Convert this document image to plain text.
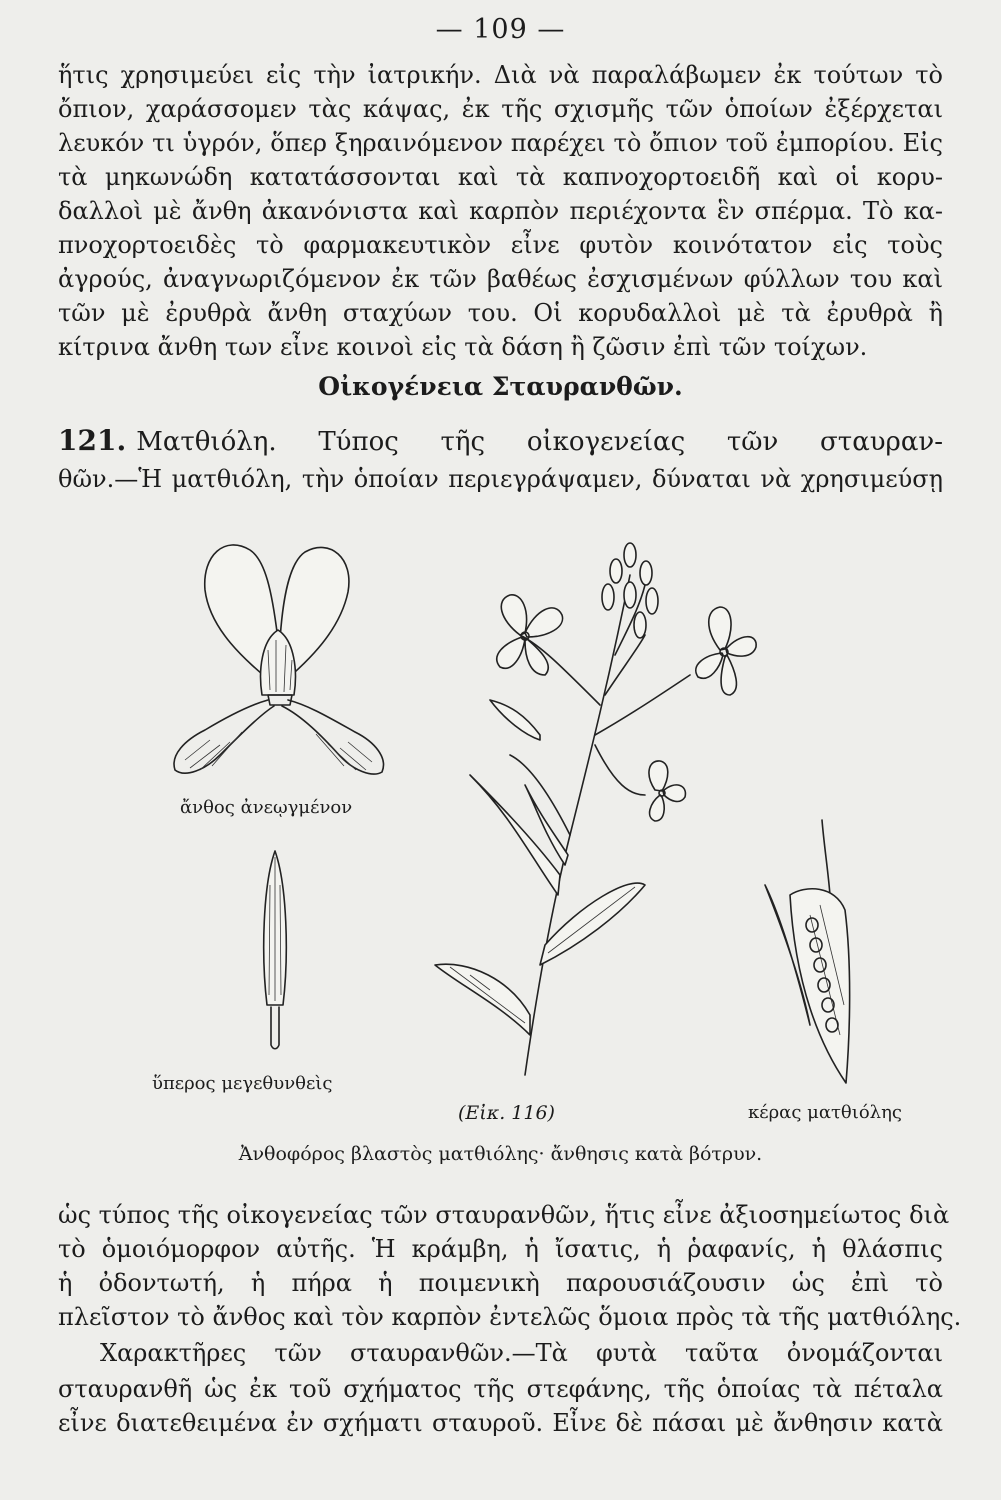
— 109 —
ἥτις χρησιμεύει εἰς τὴν ἰατρικήν. Διὰ νὰ παραλάβωμεν ἐκ τούτων τὸ
ὄπιον, χαράσσομεν τὰς κάψας, ἐκ τῆς σχισμῆς τῶν ὁποίων ἐξέρχεται
λευκόν τι ὑγρόν, ὅπερ ξηραινόμενον παρέχει τὸ ὄπιον τοῦ ἐμπορίου. Εἰς
τὰ μηκωνώδη κατατάσσονται καὶ τὰ καπνοχορτοειδῆ καὶ οἱ κορυ-
δαλλοὶ μὲ ἄνθη ἀκανόνιστα καὶ καρπὸν περιέχοντα ἓν σπέρμα. Τὸ κα-
πνοχορτοειδὲς τὸ φαρμακευτικὸν εἶνε φυτὸν κοινότατον εἰς τοὺς
ἀγρούς, ἀναγνωριζόμενον ἐκ τῶν βαθέως ἐσχισμένων φύλλων του καὶ
τῶν μὲ ἐρυθρὰ ἄνθη σταχύων του. Οἱ κορυδαλλοὶ μὲ τὰ ἐρυθρὰ ἢ
κίτρινα ἄνθη των εἶνε κοινοὶ εἰς τὰ δάση ἢ ζῶσιν ἐπὶ τῶν τοίχων.
Οἰκογένεια Σταυρανθῶν.
121. Ματθιόλη. Τύπος τῆς οἰκογενείας τῶν σταυραν-
θῶν.—Ἡ ματθιόλη, τὴν ὁποίαν περιεγράψαμεν, δύναται νὰ χρησιμεύσῃ
ἄνθος ἀνεῳγμένον
ὕπερος μεγεθυνθεὶς
(Εἰκ. 116)	κέρας ματθιόλης
Ἀνθοφόρος βλαστὸς ματθιόλης· ἄνθησις κατὰ βότρυν.
ὡς τύπος τῆς οἰκογενείας τῶν σταυρανθῶν, ἥτις εἶνε ἀξιοσημείωτος διὰ
τὸ ὁμοιόμορφον αὐτῆς. Ἡ κράμβη, ἡ ἴσατις, ἡ ῥαφανίς, ἡ θλάσπις
ἡ ὀδοντωτή, ἡ πήρα ἡ ποιμενικὴ παρουσιάζουσιν ὡς ἐπὶ τὸ
πλεῖστον τὸ ἄνθος καὶ τὸν καρπὸν ἐντελῶς ὅμοια πρὸς τὰ τῆς ματθιόλης.
Χαρακτῆρες τῶν σταυρανθῶν.—Τὰ φυτὰ ταῦτα ὀνομάζονται
σταυρανθῆ ὡς ἐκ τοῦ σχήματος τῆς στεφάνης, τῆς ὁποίας τὰ πέταλα
εἶνε διατεθειμένα ἐν σχήματι σταυροῦ. Εἶνε δὲ πάσαι μὲ ἄνθησιν κατὰ
